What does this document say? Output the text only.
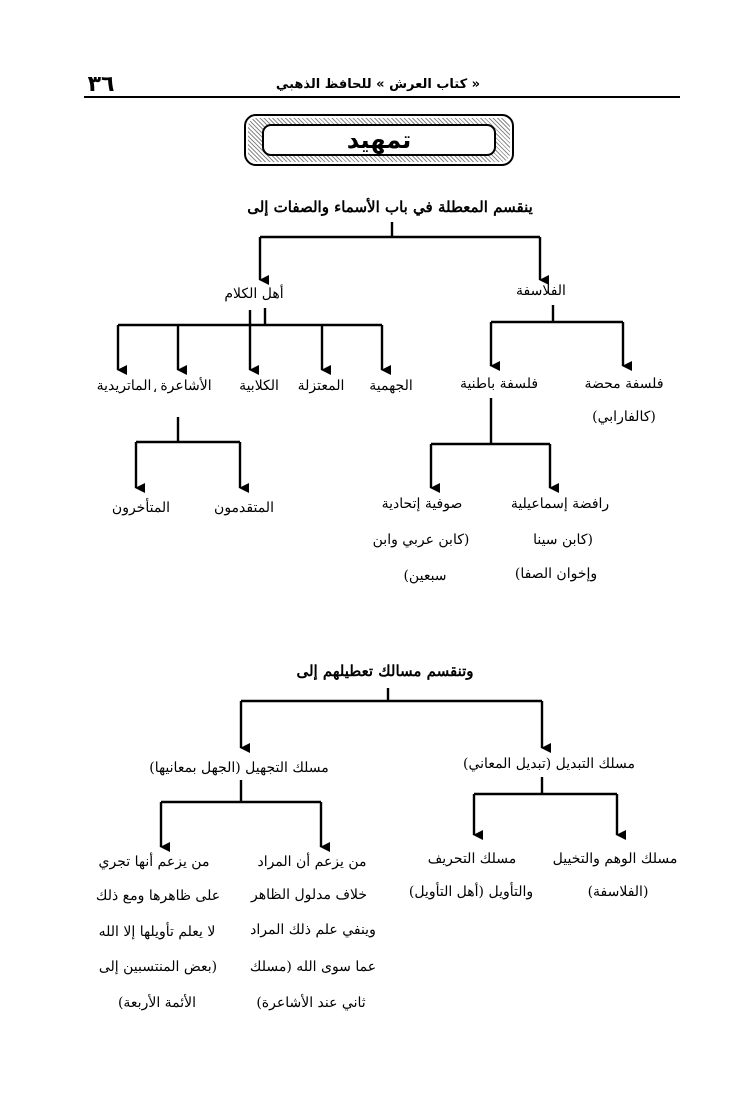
٣٦	« كتاب العرش » للحافظ الذهبي
تمهيد
ينقسم المعطلة في باب الأسماء والصفات إلى
الفلاسفة
أهل الكلام
فلسفة محضة
(كالفارابي)
فلسفة باطنية
رافضة إسماعيلية
(كابن سينا
وإخوان الصفا)
صوفية إتحادية
(كابن عربي وابن
سبعين)
الجهمية
المعتزلة
الكلابية
الأشاعرة
،
الماتريدية
المتقدمون
المتأخرون
وتنقسم مسالك تعطيلهم إلى
مسلك التبديل (تبديل المعاني)
مسلك التجهيل (الجهل بمعانيها)
مسلك الوهم والتخييل
(الفلاسفة)
مسلك التحريف
والتأويل (أهل التأويل)
من يزعم أن المراد
خلاف مدلول الظاهر
وينفي علم ذلك المراد
عما سوى الله (مسلك
ثاني عند الأشاعرة)
من يزعم أنها تجري
على ظاهرها ومع ذلك
لا يعلم تأويلها إلا الله
(بعض المنتسبين إلى
الأئمة الأربعة)
